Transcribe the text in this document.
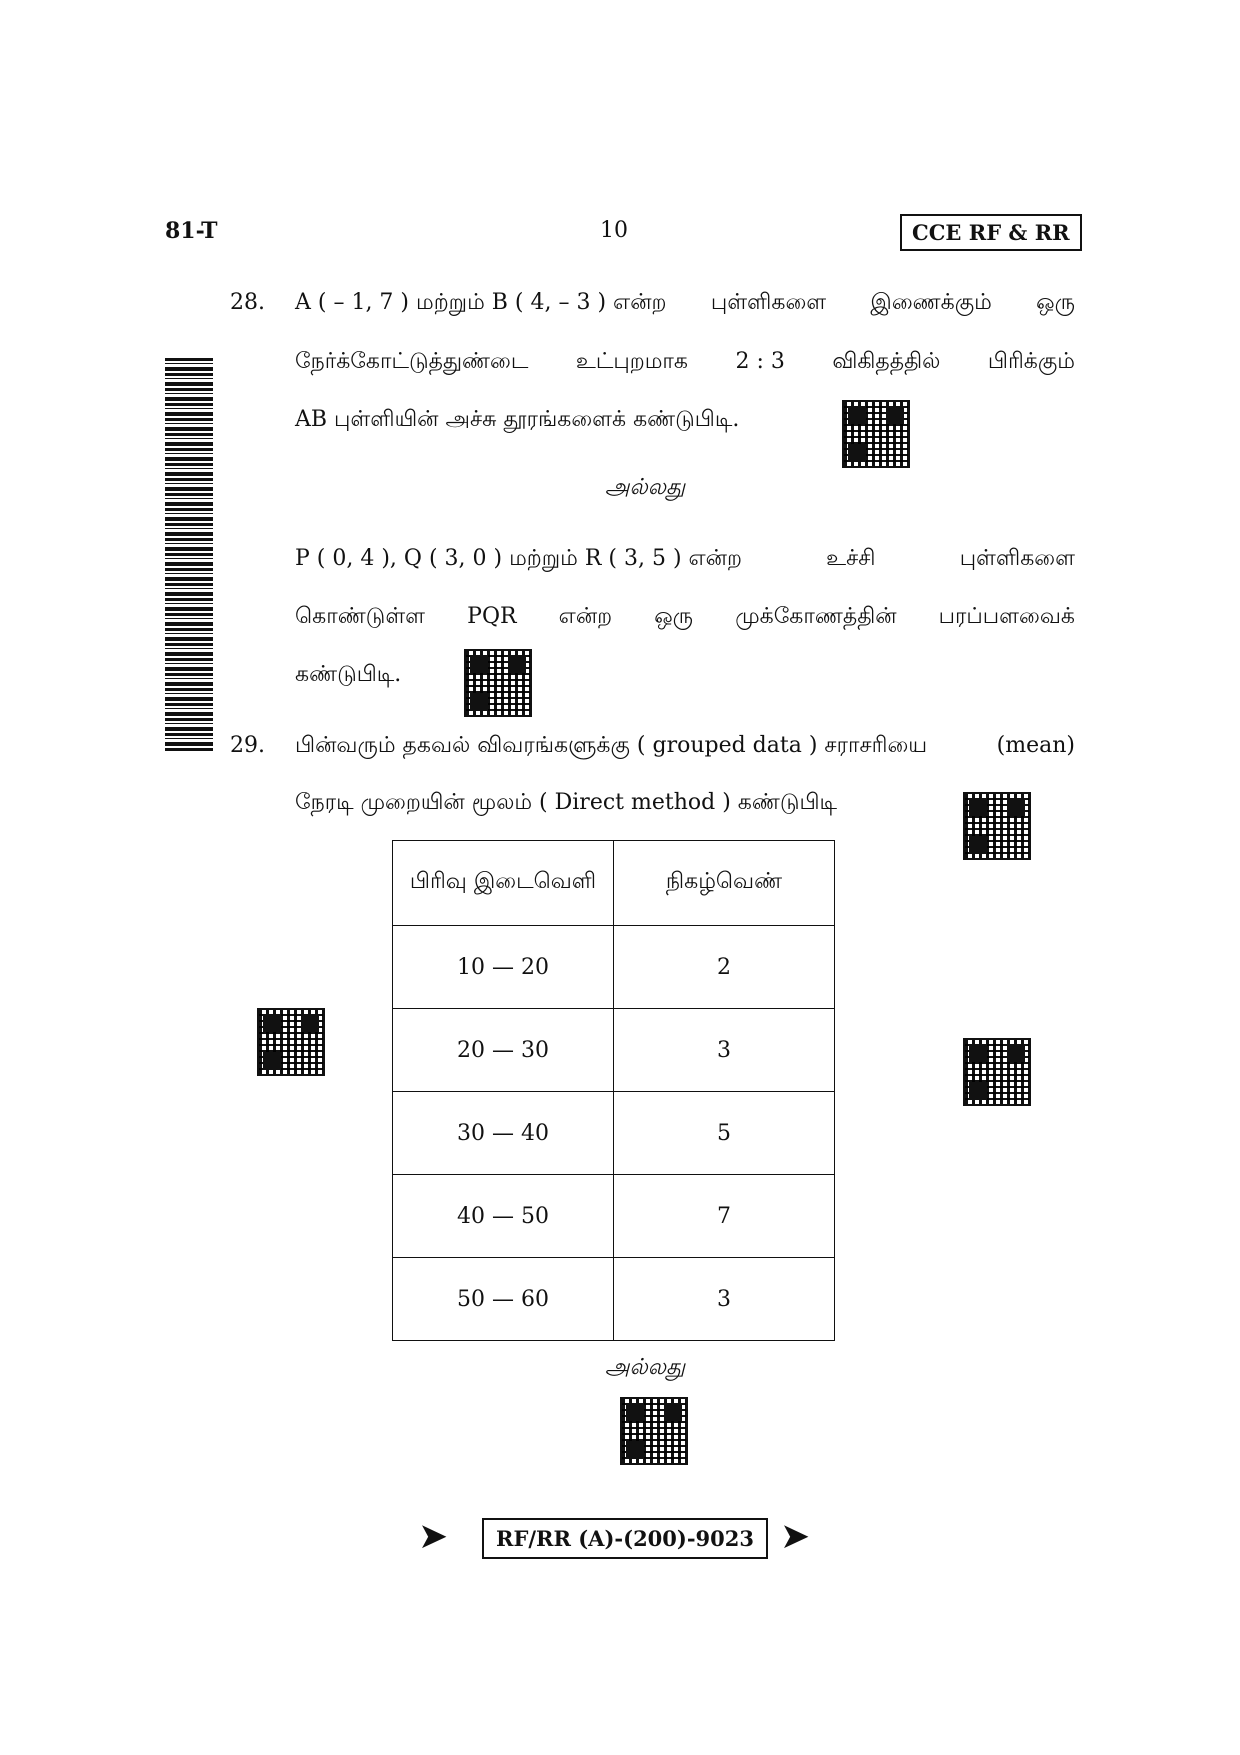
81-T	10	CCE RF & RR
28. A ( – 1, 7 ) மற்றும் B ( 4, – 3 ) என்ற புள்ளிகளை இணைக்கும் ஒரு
நேர்க்கோட்டுத்துண்டை உட்புறமாக 2 : 3 விகிதத்தில் பிரிக்கும்
AB புள்ளியின் அச்சு தூரங்களைக் கண்டுபிடி.
அல்லது
P ( 0, 4 ), Q ( 3, 0 ) மற்றும் R ( 3, 5 ) என்ற	உச்சி	புள்ளிகளை
கொண்டுள்ள PQR என்ற ஒரு முக்கோணத்தின் பரப்பளவைக்
கண்டுபிடி.
29. பின்வரும் தகவல் விவரங்களுக்கு ( grouped data ) சராசரியை	(mean)
நேரடி முறையின் மூலம் ( Direct method ) கண்டுபிடி
பிரிவு இடைவெளி	நிகழ்வெண்
10 — 20	2
20 — 30	3
30 — 40	5
40 — 50	7
50 — 60	3
அல்லது
➤	RF/RR (A)-(200)-9023 ➤
